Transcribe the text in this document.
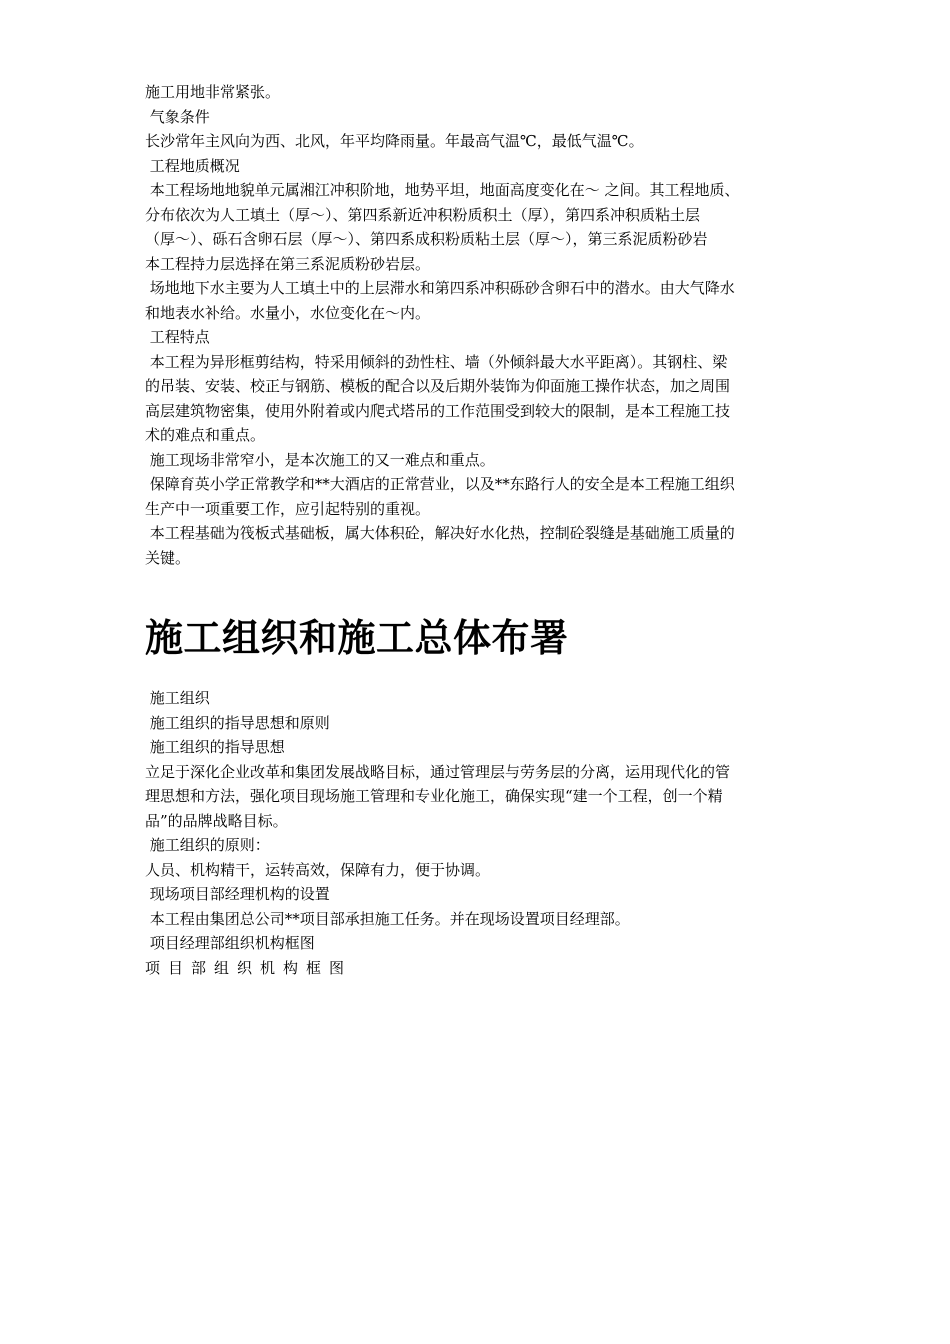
施工用地非常紧张。

气象条件

长沙常年主风向为西、北风，年平均降雨量。年最高气温℃，最低气温℃。

工程地质概况

本工程场地地貌单元属湘江冲积阶地，地势平坦，地面高度变化在～ 之间。其工程地质、

分布依次为人工填土（厚～）、第四系新近冲积粉质积土（厚），第四系冲积质粘土层

（厚～）、砾石含卵石层（厚～）、第四系成积粉质粘土层（厚～），第三系泥质粉砂岩

本工程持力层选择在第三系泥质粉砂岩层。

场地地下水主要为人工填土中的上层滞水和第四系冲积砾砂含卵石中的潜水。由大气降水

和地表水补给。水量小，水位变化在～内。

工程特点

本工程为异形框剪结构，特采用倾斜的劲性柱、墙（外倾斜最大水平距离）。其钢柱、梁

的吊装、安装、校正与钢筋、模板的配合以及后期外装饰为仰面施工操作状态，加之周围

高层建筑物密集，使用外附着或内爬式塔吊的工作范围受到较大的限制，是本工程施工技

术的难点和重点。

施工现场非常窄小，是本次施工的又一难点和重点。

保障育英小学正常教学和**大酒店的正常营业，以及**东路行人的安全是本工程施工组织

生产中一项重要工作，应引起特别的重视。

本工程基础为筏板式基础板，属大体积砼，解决好水化热，控制砼裂缝是基础施工质量的

关键。

施工组织和施工总体布署

施工组织

施工组织的指导思想和原则

施工组织的指导思想

立足于深化企业改革和集团发展战略目标，通过管理层与劳务层的分离，运用现代化的管

理思想和方法，强化项目现场施工管理和专业化施工，确保实现“建一个工程，创一个精

品”的品牌战略目标。

施工组织的原则：

人员、机构精干，运转高效，保障有力，便于协调。

现场项目部经理机构的设置

本工程由集团总公司**项目部承担施工任务。并在现场设置项目经理部。

项目经理部组织机构框图

项目部组织机构框图
